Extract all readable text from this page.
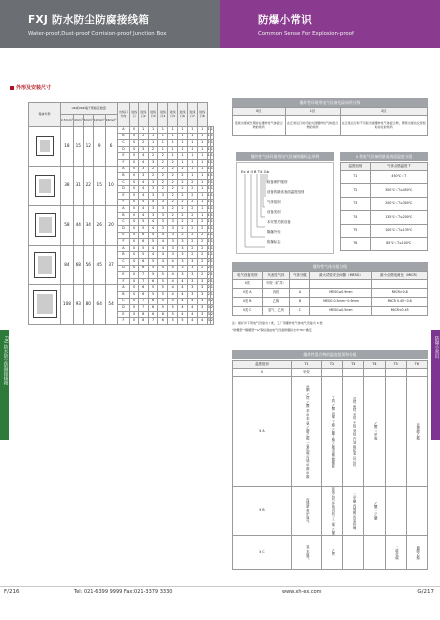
FXJ 防水防尘防腐接线箱
Water-proof,Dust-proof Corrision-proof Junction Box
防爆小常识
Common Sense For Explosion-proof
FXJ 防水防尘防腐接线箱	防爆小常识
外形及安装尺寸
箱体外形	UK或UKK端子规格及数量					出线口方向	进线口	进线口2	进线口3	进线口4	进线口5	进线口6	进线口7	进线口8		
	2.5mm²	4mm²	6mm²	10mm²	16mm²											

	18	15	12	9	6	A	0	1	1	1	1	1	1	1	1	1
						B	0	2	1	1	1	1	1	1	1	1
						C	0	2	1	1	1	1	1	1	1	1
						D	0	3	2	1	1	1	1	1	1	1
						E	0	4	2	2	1	1	1	1	1	1
						F	0	4	3	2	2	1	1	1	1	1

	38	31	22	15	10	A	0	3	2	2	2	2	1	1	1	1
						B	0	3	2	2	2	2	1	1	1	1
						C	0	4	3	2	2	2	2	1	1	1
						D	0	4	3	2	2	2	2	1	1	1
						E	0	4	3	3	2	2	2	1	1	1
						F	0	5	4	3	2	2	2	1	1	1

	58	44	34	26	20	A	0	4	3	3	2	2	2	1	1	1
						B	0	4	3	3	2	2	2	1	1	1
						C	0	5	4	3	3	2	2	2	1	1
						D	0	5	4	3	3	2	2	2	1	1
						E	0	6	4	4	3	2	2	2	1	1
						F	0	6	5	4	3	3	2	2	1	1

	84	68	56	45	37	A	0	5	4	4	3	3	2	2	1	1
						B	0	5	4	4	3	3	2	2	1	1
						C	0	6	5	4	4	3	3	2	2	1
						D	0	6	5	4	4	3	3	2	2	1
						E	0	7	5	5	4	3	3	2	2	1
						F	0	7	6	5	4	4	3	3	2	1

	108	93	80	64	54	A	0	6	5	5	4	4	3	3	2	1
						B	0	6	5	5	4	4	3	3	2	1
						C	0	7	6	5	5	4	4	3	3	2
						D	0	7	6	5	5	4	4	3	3	2
						E	0	8	6	6	5	4	4	3	3	2
						F	0	8	7	6	5	5	4	4	3	2
爆炸性环境用电气设备危险场所分级
0区	1区	2区
连续出现或长期存在爆炸性气体混合物的场所	在正常运行时可能出现爆炸性气体混合物的场所	在正常运行时不可能出现爆炸性气体混合物，即使出现也仅是短时存在的场所
爆炸性气体环境用电气设备防爆标志举例
Ex d II B T4 Gb
设备保护级别
设备的最高表面温度组别
气体组别
设备类别
本安型关联设备
隔爆外壳
防爆标志
II 类电气设备的最高表面温度分组
温度组别	气体点燃温度 T
T1	450℃＜T
T2	300℃＜T≤450℃
T3	200℃＜T≤300℃
T4	135℃＜T≤200℃
T5	100℃＜T≤135℃
T6	85℃＜T≤100℃
爆炸性气体分组分级
电气设备类别	代表性气体	气体分级	最大试验安全间隙（MESG）	最小点燃电流比（MICR）
II类	甲烷（矿井）			
II类 A	丙烷	A	MESG≥0.9mm	MICR>0.8
II类 B	乙烯	B	MESG 0.5mm~0.9mm	MICR 0.45~0.8
II类 C	氢气、乙炔	C	MESG≤0.5mm	MICR<0.45
注：煤矿井下用电气设备为 I 类，工厂用爆炸性气体电气设备为 II 类
"防爆型""隔爆型""e"等标准由电气设备防爆标志中"IIC"确定
爆炸性混合物的温度组别和分组
温度组别	T1	T2	T3	T4	T5	T6
II	甲烷					
II A	丙酮 乙烷 乙酸 苯 甲苯 氨 乙酸乙酯 一氧化碳 丙烯 甲醇 甲酸	丁烷 乙醇 丙烯 丁醇 乙酸丁酯 乙酸戊酯 醋酸酐	戊烷 庚烷 辛烷 壬烷 癸烷 汽油 硫化氢 环己烷	乙醛 三甲胺		亚硝酸乙酯
II B	丙烯腈 焦炉煤气	环氧乙烷 环氧丙烷 丁二烯 乙烯	二甲醚 丙烯醛 四氢呋喃	乙醚 二乙醚		
II C	氢 水煤气	乙炔			二硫化碳	硝酸乙酯
F/216	Tel: 021-6399 9999 Fax:021-3379 3330	www.xh-ex.com	G/217
